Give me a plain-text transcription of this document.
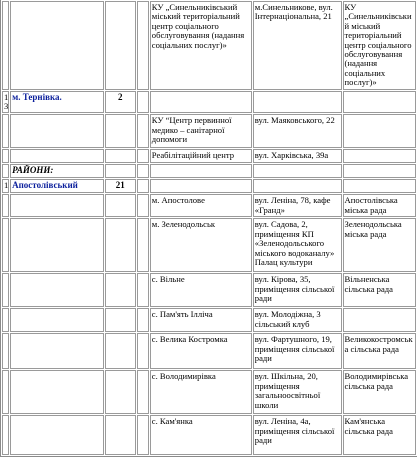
				КУ „Синельниківський міський територіальний центр соціального обслуговування (надання соціальних послуг)»	м.Синельникове, вул. Інтернаціональна, 21	КУ „Синельниківський міський територіальний центр соціального обслуговування (надання соціальних послуг)»
13	м. Тернівка.	2				
				КУ “Центр первинної медико – санітарної допомоги	вул. Маяковського, 22	
				Реабілітаційний центр	вул. Харківська, 39а	
	РАЙОНИ:					
1	Апостолівський	21				
				м. Апостолове	вул. Леніна, 78, кафе «Гранд»	Апостолівська міська рада
				м. Зеленодольськ	вул. Садова, 2, приміщення КП «Зеленодольського міського водоканалу» Палац культури	Зеленодольська міська рада
				с. Вільне	вул. Кірова, 35, приміщення сільської ради	Вільненська сільська рада
				с. Пам'ять Ілліча	вул. Молодіжна, 3 сільський клуб	
				с. Велика Костромка	вул. Фартушного, 19, приміщення сільської ради	Великокостромська сільська рада
				с. Володимирівка	вул. Шкільна, 20, приміщення загальноосвітньої школи	Володимирівська сільська рада
				с. Кам'янка	вул. Леніна, 4а, приміщення сільської ради	Кам'янська сільська рада
